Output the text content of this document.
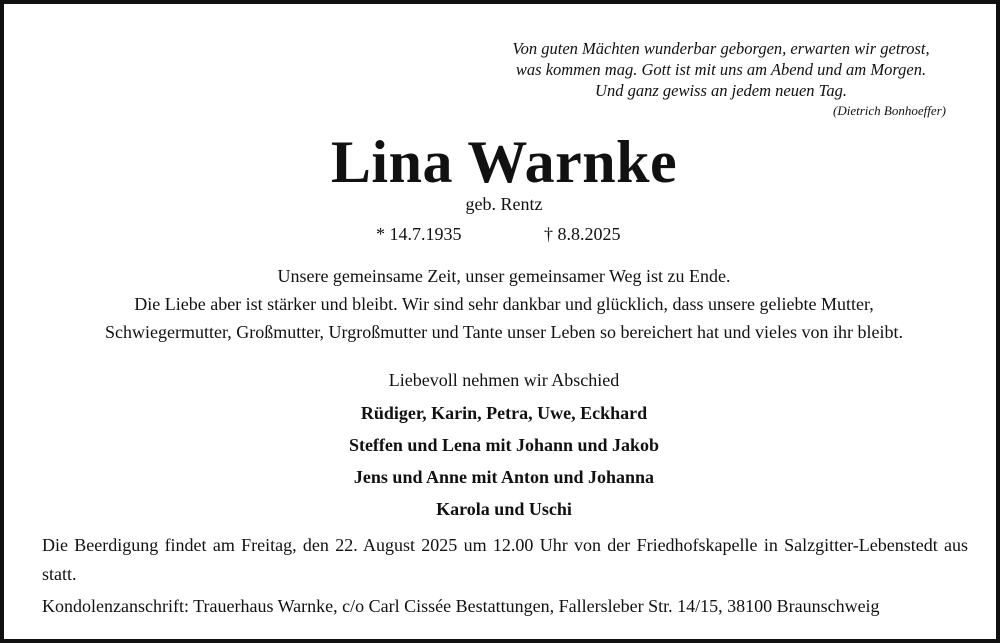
Von guten Mächten wunderbar geborgen, erwarten wir getrost,
was kommen mag. Gott ist mit uns am Abend und am Morgen.
Und ganz gewiss an jedem neuen Tag.
(Dietrich Bonhoeffer)
Lina Warnke
geb. Rentz
* 14.7.1935	† 8.8.2025
Unsere gemeinsame Zeit, unser gemeinsamer Weg ist zu Ende.
Die Liebe aber ist stärker und bleibt. Wir sind sehr dankbar und glücklich, dass unsere geliebte Mutter,
Schwiegermutter, Großmutter, Urgroßmutter und Tante unser Leben so bereichert hat und vieles von ihr bleibt.
Liebevoll nehmen wir Abschied
Rüdiger, Karin, Petra, Uwe, Eckhard
Steffen und Lena mit Johann und Jakob
Jens und Anne mit Anton und Johanna
Karola und Uschi
Die Beerdigung findet am Freitag, den 22. August 2025 um 12.00 Uhr von der Friedhofskapelle in Salzgitter-Lebenstedt aus statt.
Kondolenzanschrift: Trauerhaus Warnke, c/o Carl Cissée Bestattungen, Fallersleber Str. 14/15, 38100 Braunschweig
